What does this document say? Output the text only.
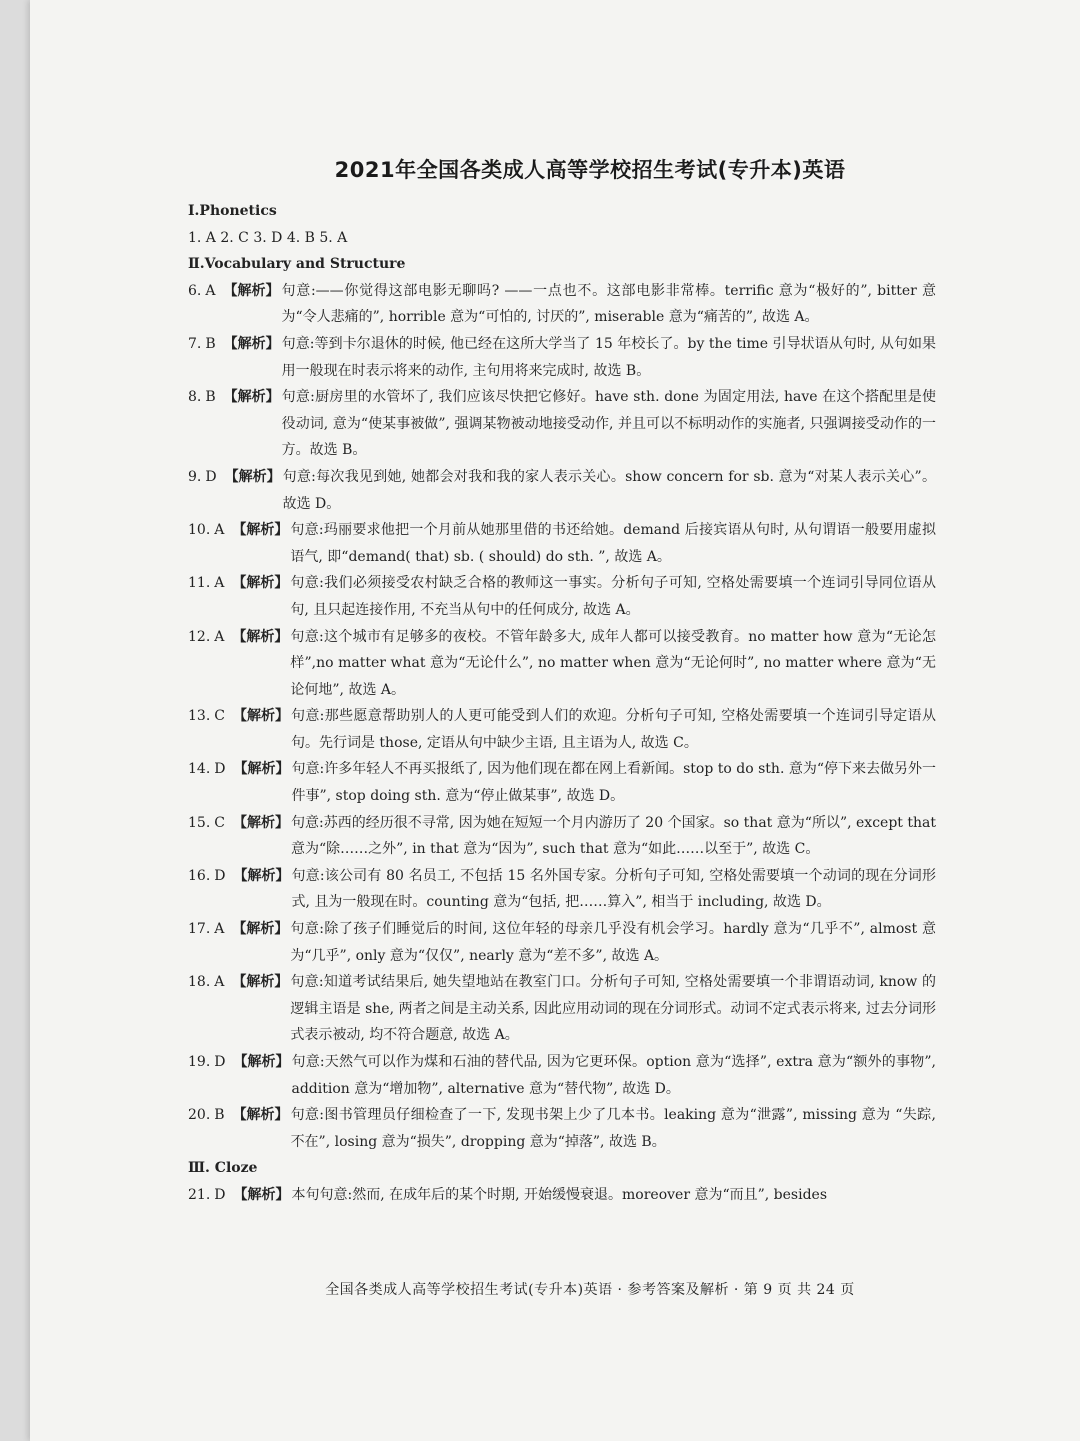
2021年全国各类成人高等学校招生考试(专升本)英语

Ⅰ.Phonetics

1. A 2. C 3. D 4. B 5. A

Ⅱ.Vocabulary and Structure

6. A 【解析】 句意:——你觉得这部电影无聊吗? ——一点也不。这部电影非常棒。terrific 意为“极好的”, bitter 意为“令人悲痛的”, horrible 意为“可怕的, 讨厌的”, miserable 意为“痛苦的”, 故选 A。
7. B 【解析】 句意:等到卡尔退休的时候, 他已经在这所大学当了 15 年校长了。by the time 引导状语从句时, 从句如果用一般现在时表示将来的动作, 主句用将来完成时, 故选 B。
8. B 【解析】 句意:厨房里的水管坏了, 我们应该尽快把它修好。have sth. done 为固定用法, have 在这个搭配里是使役动词, 意为“使某事被做”, 强调某物被动地接受动作, 并且可以不标明动作的实施者, 只强调接受动作的一方。故选 B。
9. D 【解析】 句意:每次我见到她, 她都会对我和我的家人表示关心。show concern for sb. 意为“对某人表示关心”。故选 D。
10. A 【解析】 句意:玛丽要求他把一个月前从她那里借的书还给她。demand 后接宾语从句时, 从句谓语一般要用虚拟语气, 即“demand( that) sb. ( should) do sth. ”, 故选 A。
11. A 【解析】 句意:我们必须接受农村缺乏合格的教师这一事实。分析句子可知, 空格处需要填一个连词引导同位语从句, 且只起连接作用, 不充当从句中的任何成分, 故选 A。
12. A 【解析】 句意:这个城市有足够多的夜校。不管年龄多大, 成年人都可以接受教育。no matter how 意为“无论怎样”,no matter what 意为“无论什么”, no matter when 意为“无论何时”, no matter where 意为“无论何地”, 故选 A。
13. C 【解析】 句意:那些愿意帮助别人的人更可能受到人们的欢迎。分析句子可知, 空格处需要填一个连词引导定语从句。先行词是 those, 定语从句中缺少主语, 且主语为人, 故选 C。
14. D 【解析】 句意:许多年轻人不再买报纸了, 因为他们现在都在网上看新闻。stop to do sth. 意为“停下来去做另外一件事”, stop doing sth. 意为“停止做某事”, 故选 D。
15. C 【解析】 句意:苏西的经历很不寻常, 因为她在短短一个月内游历了 20 个国家。so that 意为“所以”, except that 意为“除……之外”, in that 意为“因为”, such that 意为“如此……以至于”, 故选 C。
16. D 【解析】 句意:该公司有 80 名员工, 不包括 15 名外国专家。分析句子可知, 空格处需要填一个动词的现在分词形式, 且为一般现在时。counting 意为“包括, 把……算入”, 相当于 including, 故选 D。
17. A 【解析】 句意:除了孩子们睡觉后的时间, 这位年轻的母亲几乎没有机会学习。hardly 意为“几乎不”, almost 意为“几乎”, only 意为“仅仅”, nearly 意为“差不多”, 故选 A。
18. A 【解析】 句意:知道考试结果后, 她失望地站在教室门口。分析句子可知, 空格处需要填一个非谓语动词, know 的逻辑主语是 she, 两者之间是主动关系, 因此应用动词的现在分词形式。动词不定式表示将来, 过去分词形式表示被动, 均不符合题意, 故选 A。
19. D 【解析】 句意:天然气可以作为煤和石油的替代品, 因为它更环保。option 意为“选择”, extra 意为“额外的事物”, addition 意为“增加物”, alternative 意为“替代物”, 故选 D。
20. B 【解析】 句意:图书管理员仔细检查了一下, 发现书架上少了几本书。leaking 意为“泄露”, missing 意为 “失踪, 不在”, losing 意为“损失”, dropping 意为“掉落”, 故选 B。

Ⅲ. Cloze

21. D 【解析】 本句句意:然而, 在成年后的某个时期, 开始缓慢衰退。moreover 意为“而且”, besides
全国各类成人高等学校招生考试(专升本)英语 · 参考答案及解析 · 第 9 页 共 24 页
